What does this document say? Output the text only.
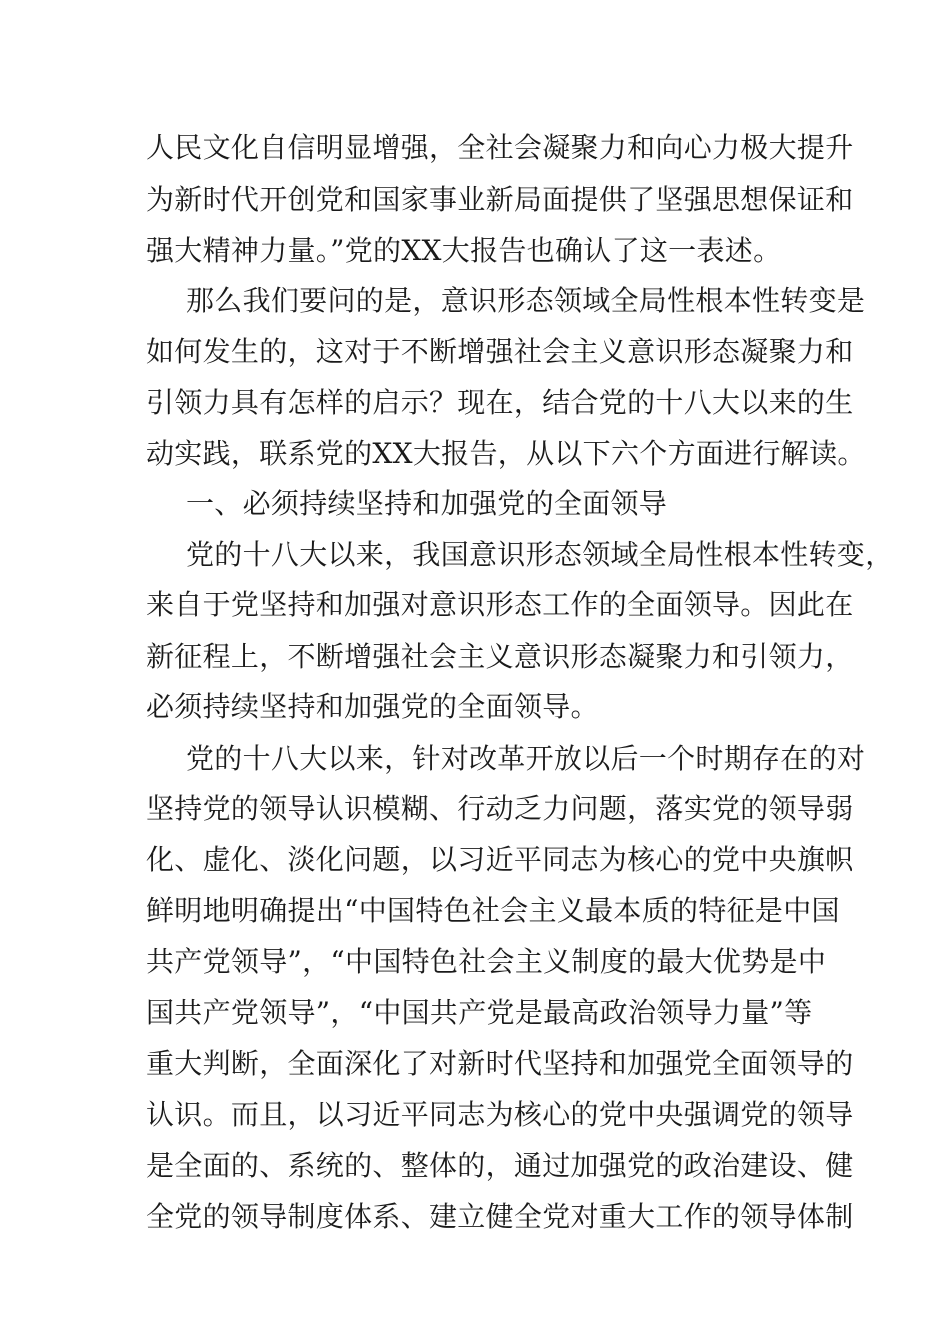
人民文化自信明显增强，全社会凝聚力和向心力极大提升
为新时代开创党和国家事业新局面提供了坚强思想保证和
强大精神力量。”党的XX大报告也确认了这一表述。
那么我们要问的是，意识形态领域全局性根本性转变是
如何发生的，这对于不断增强社会主义意识形态凝聚力和
引领力具有怎样的启示？现在，结合党的十八大以来的生
动实践，联系党的XX大报告，从以下六个方面进行解读。
一、必须持续坚持和加强党的全面领导
党的十八大以来，我国意识形态领域全局性根本性转变，
来自于党坚持和加强对意识形态工作的全面领导。因此在
新征程上，不断增强社会主义意识形态凝聚力和引领力，
必须持续坚持和加强党的全面领导。
党的十八大以来，针对改革开放以后一个时期存在的对
坚持党的领导认识模糊、行动乏力问题，落实党的领导弱
化、虚化、淡化问题，以习近平同志为核心的党中央旗帜
鲜明地明确提出“中国特色社会主义最本质的特征是中国
共产党领导”，“中国特色社会主义制度的最大优势是中
国共产党领导”，“中国共产党是最高政治领导力量”等
重大判断，全面深化了对新时代坚持和加强党全面领导的
认识。而且，以习近平同志为核心的党中央强调党的领导
是全面的、系统的、整体的，通过加强党的政治建设、健
全党的领导制度体系、建立健全党对重大工作的领导体制
